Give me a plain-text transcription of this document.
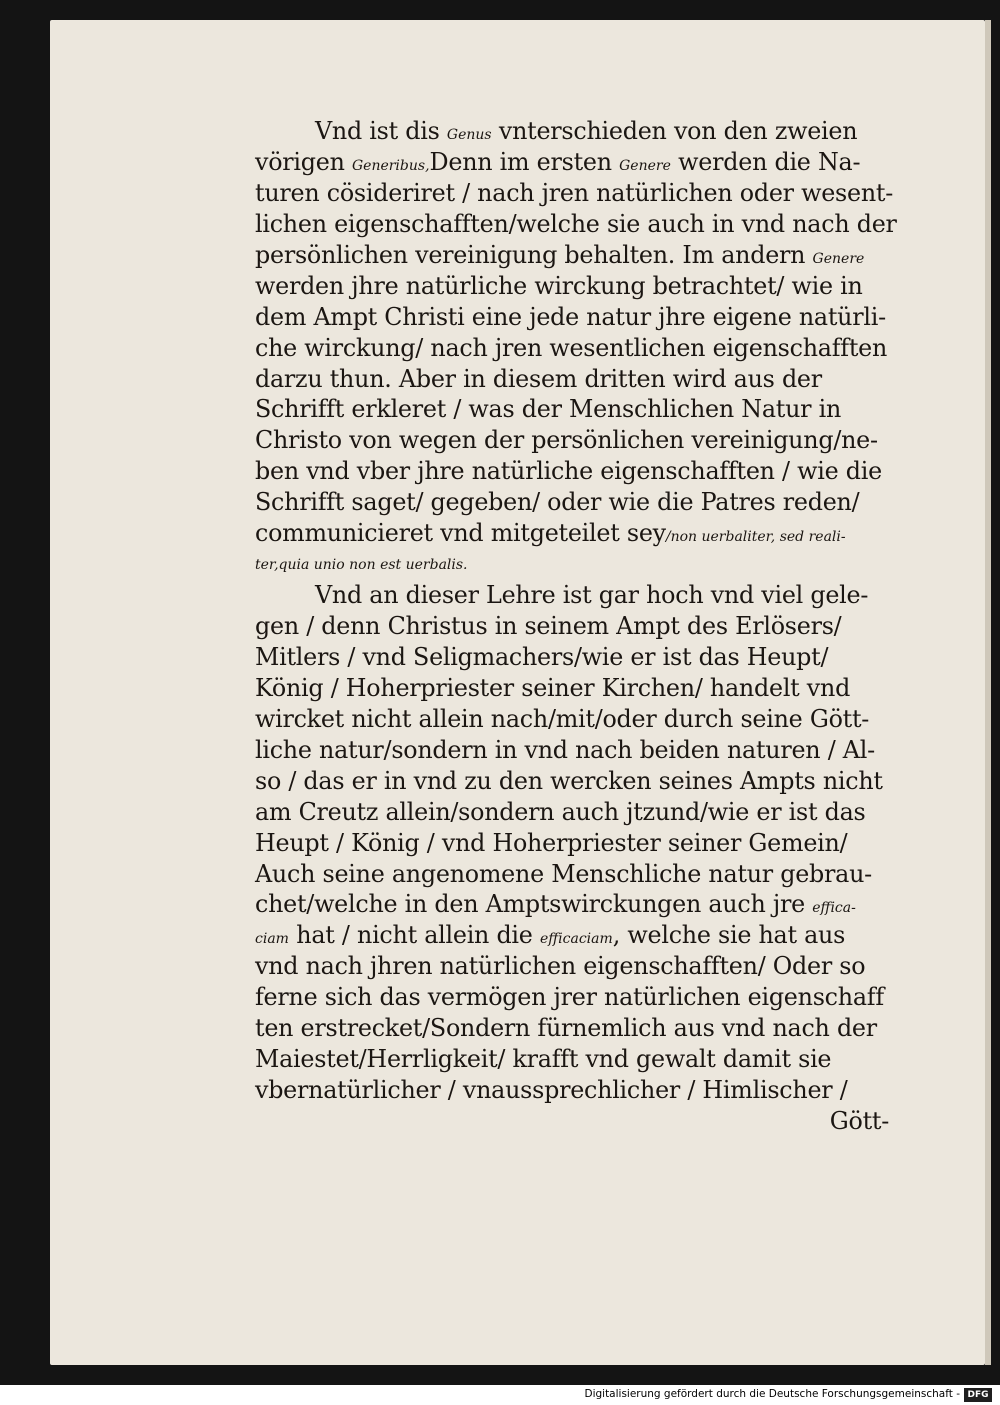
Vnd ist dis Genus vnterschieden von den zweien
vörigen Generibus,Denn im ersten Genere werden die Na-
turen cösideriret / nach jren natürlichen oder wesent-
lichen eigenschafften/welche sie auch in vnd nach der
persönlichen vereinigung behalten. Im andern Genere
werden jhre natürliche wirckung betrachtet/ wie in
dem Ampt Christi eine jede natur jhre eigene natürli-
che wirckung/ nach jren wesentlichen eigenschafften
darzu thun. Aber in diesem dritten wird aus der
Schrifft erkleret / was der Menschlichen Natur in
Christo von wegen der persönlichen vereinigung/ne-
ben vnd vber jhre natürliche eigenschafften / wie die
Schrifft saget/ gegeben/ oder wie die Patres reden/
communicieret vnd mitgeteilet sey/non uerbaliter, sed reali-
ter,quia unio non est uerbalis.
Vnd an dieser Lehre ist gar hoch vnd viel gele-
gen / denn Christus in seinem Ampt des Erlösers/
Mitlers / vnd Seligmachers/wie er ist das Heupt/
König / Hoherpriester seiner Kirchen/ handelt vnd
wircket nicht allein nach/mit/oder durch seine Gött-
liche natur/sondern in vnd nach beiden naturen / Al-
so / das er in vnd zu den wercken seines Ampts nicht
am Creutz allein/sondern auch jtzund/wie er ist das
Heupt / König / vnd Hoherpriester seiner Gemein/
Auch seine angenomene Menschliche natur gebrau-
chet/welche in den Amptswirckungen auch jre effica-
ciam hat / nicht allein die efficaciam, welche sie hat aus
vnd nach jhren natürlichen eigenschafften/ Oder so
ferne sich das vermögen jrer natürlichen eigenschaff
ten erstrecket/Sondern fürnemlich aus vnd nach der
Maiestet/Herrligkeit/ krafft vnd gewalt damit sie
vbernatürlicher / vnaussprechlicher / Himlischer /
Gött-
Digitalisierung gefördert durch die Deutsche Forschungsgemeinschaft - DFG
